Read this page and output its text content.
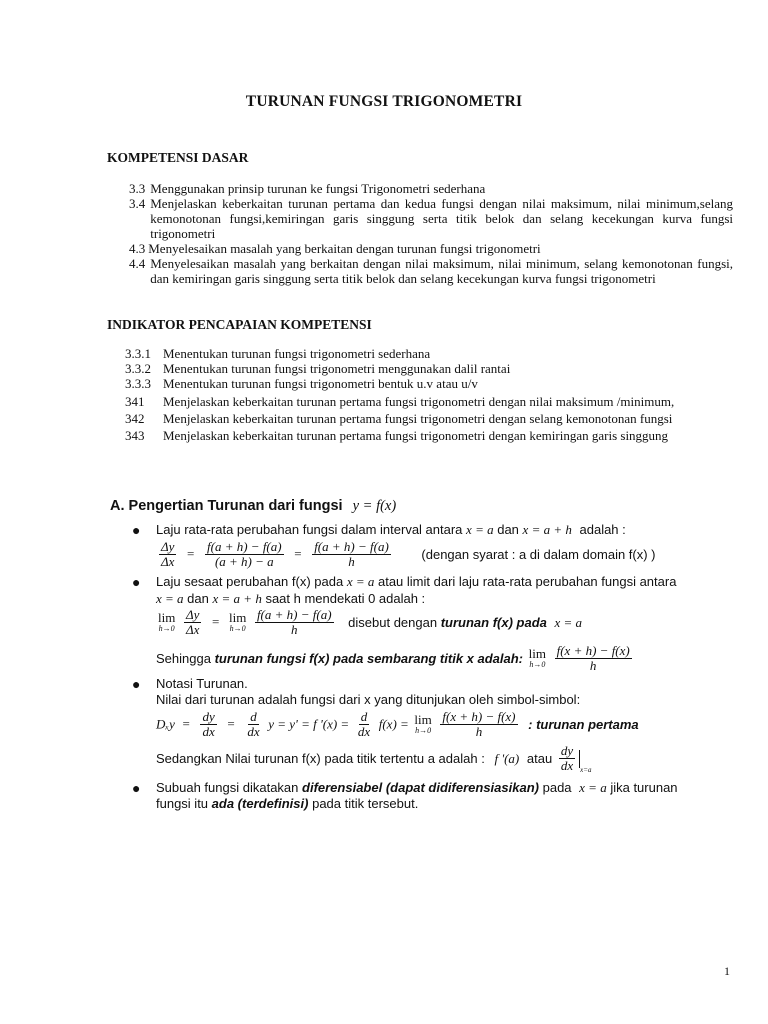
TURUNAN FUNGSI TRIGONOMETRI
KOMPETENSI DASAR
3.3 Menggunakan prinsip turunan ke fungsi Trigonometri sederhana
3.4 Menjelaskan keberkaitan turunan pertama dan kedua fungsi dengan nilai maksimum, nilai minimum,selang kemonotonan fungsi,kemiringan garis singgung serta titik belok dan selang kecekungan kurva fungsi trigonometri
4.3 Menyelesaikan masalah yang berkaitan dengan turunan fungsi trigonometri
4.4 Menyelesaikan masalah yang berkaitan dengan nilai maksimum, nilai minimum, selang kemonotonan fungsi, dan kemiringan garis singgung serta titik belok dan selang kecekungan kurva fungsi trigonometri
INDIKATOR PENCAPAIAN KOMPETENSI
3.3.1 Menentukan turunan fungsi trigonometri sederhana
3.3.2 Menentukan turunan fungsi trigonometri menggunakan dalil rantai
3.3.3 Menentukan turunan fungsi trigonometri bentuk u.v atau u/v
341	Menjelaskan keberkaitan turunan pertama fungsi trigonometri dengan nilai maksimum /minimum,
342	Menjelaskan keberkaitan turunan pertama fungsi trigonometri dengan selang kemonotonan fungsi
343	Menjelaskan keberkaitan turunan pertama fungsi trigonometri dengan kemiringan garis singgung
A. Pengertian Turunan dari fungsi y = f(x)
● Laju rata-rata perubahan fungsi dalam interval antara x = a dan x = a + h adalah :
$\frac{\Delta y}{\Delta x} = \frac{f(a + h) - f(a)}{(a + h) - a} = \frac{f(a + h) - f(a)}{h}$ (dengan syarat : a di dalam domain f(x) )
● Laju sesaat perubahan f(x) pada x = a atau limit dari laju rata-rata perubahan fungsi antara
x = a dan x = a + h saat h mendekati 0 adalah :
lim
h→0
$\frac{\Delta y}{\Delta x} = \lim$
h→0
$\frac{f(a + h) - f(a)}{h}$ disebut dengan turunan f(x) pada x = a
Sehingga turunan fungsi f(x) pada sembarang titik x adalah: lim
h→0
$\frac{f(x + h) - f(x)}{h}$
● Notasi Turunan.
Nilai dari turunan adalah fungsi dari x yang ditunjukan oleh simbol-simbol:
$D_xy = \frac{dy}{dx} = \frac{d}{dx}$ y = y' = f '$(x) = \frac{d}{dx} f(x) = \lim$
h→0
$\frac{f(x + h) - f(x)}{h}$ : turunan pertama
Sedangkan Nilai turunan f(x) pada titik tertentu a adalah : f '(a) atau $\frac{dy}{dx} _{x=a}$
● Subuah fungsi dikatakan diferensiabel (dapat didiferensiasikan) pada x = a jika turunan
fungsi itu ada (terdefinisi) pada titik tersebut.
1
